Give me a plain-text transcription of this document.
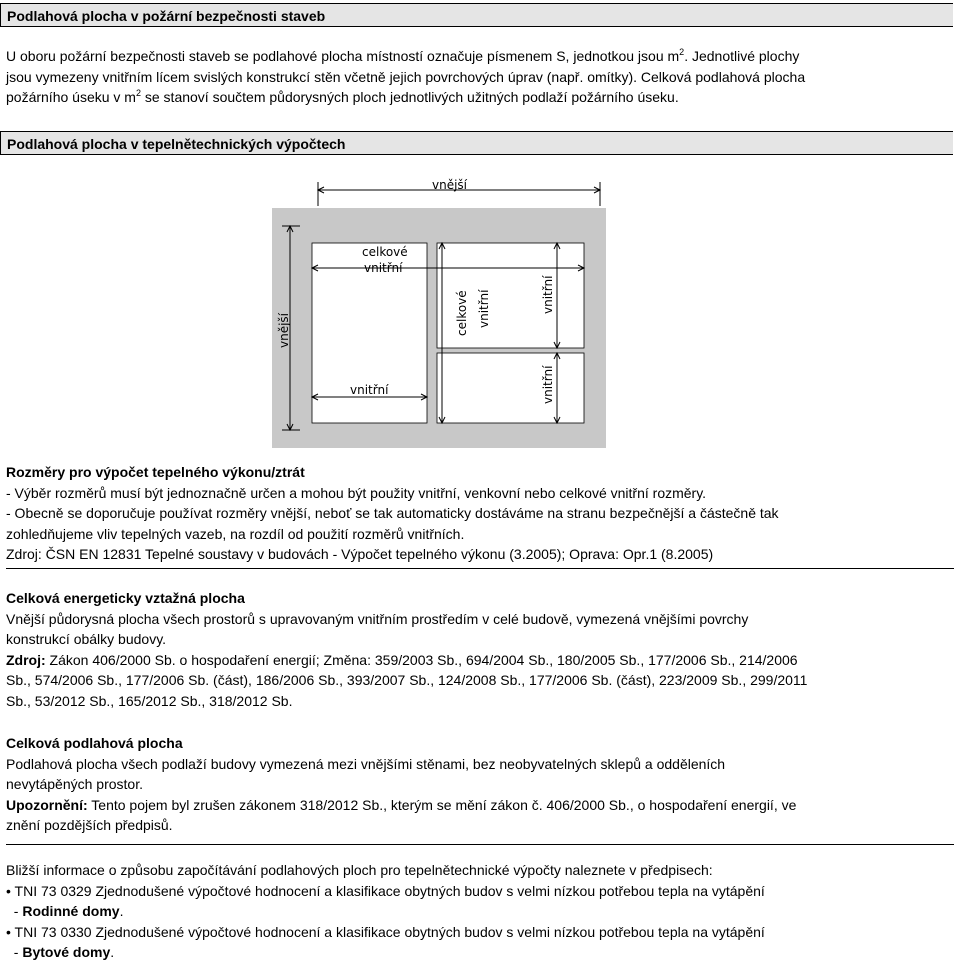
Podlahová plocha v požární bezpečnosti staveb
U oboru požární bezpečnosti staveb se podlahové plocha místností označuje písmenem S, jednotkou jsou $m^2$. Jednotlivé plochy
jsou vymezeny vnitřním lícem svislých konstrukcí stěn včetně jejich povrchových úprav (např. omítky). Celková podlahová plocha
požárního úseku v $m^2$ se stanoví součtem půdorysných ploch jednotlivých užitných podlaží požárního úseku.
Podlahová plocha v tepelnětechnických výpočtech
vnější
vnější
celkové
vnitřní
celkové vnitřní	vnitřní
vnitřní	vnitřní
Rozměry pro výpočet tepelného výkonu/ztrát
- Výběr rozměrů musí být jednoznačně určen a mohou být použity vnitřní, venkovní nebo celkové vnitřní rozměry.
- Obecně se doporučuje používat rozměry vnější, neboť se tak automaticky dostáváme na stranu bezpečnější a částečně tak
zohledňujeme vliv tepelných vazeb, na rozdíl od použití rozměrů vnitřních.
Zdroj: ČSN EN 12831 Tepelné soustavy v budovách - Výpočet tepelného výkonu (3.2005); Oprava: Opr.1 (8.2005)
Celková energeticky vztažná plocha
Vnější půdorysná plocha všech prostorů s upravovaným vnitřním prostředím v celé budově, vymezená vnějšími povrchy
konstrukcí obálky budovy.
Zdroj: Zákon 406/2000 Sb. o hospodaření energií; Změna: 359/2003 Sb., 694/2004 Sb., 180/2005 Sb., 177/2006 Sb., 214/2006
Sb., 574/2006 Sb., 177/2006 Sb. (část), 186/2006 Sb., 393/2007 Sb., 124/2008 Sb., 177/2006 Sb. (část), 223/2009 Sb., 299/2011
Sb., 53/2012 Sb., 165/2012 Sb., 318/2012 Sb.
Celková podlahová plocha
Podlahová plocha všech podlaží budovy vymezená mezi vnějšími stěnami, bez neobyvatelných sklepů a odděleních
nevytápěných prostor.
Upozornění: Tento pojem byl zrušen zákonem 318/2012 Sb., kterým se mění zákon č. 406/2000 Sb., o hospodaření energií, ve
znění pozdějších předpisů.
Bližší informace o způsobu započítávání podlahových ploch pro tepelnětechnické výpočty naleznete v předpisech:
• TNI 73 0329 Zjednodušené výpočtové hodnocení a klasifikace obytných budov s velmi nízkou potřebou tepla na vytápění
- Rodinné domy.
• TNI 73 0330 Zjednodušené výpočtové hodnocení a klasifikace obytných budov s velmi nízkou potřebou tepla na vytápění
- Bytové domy.
